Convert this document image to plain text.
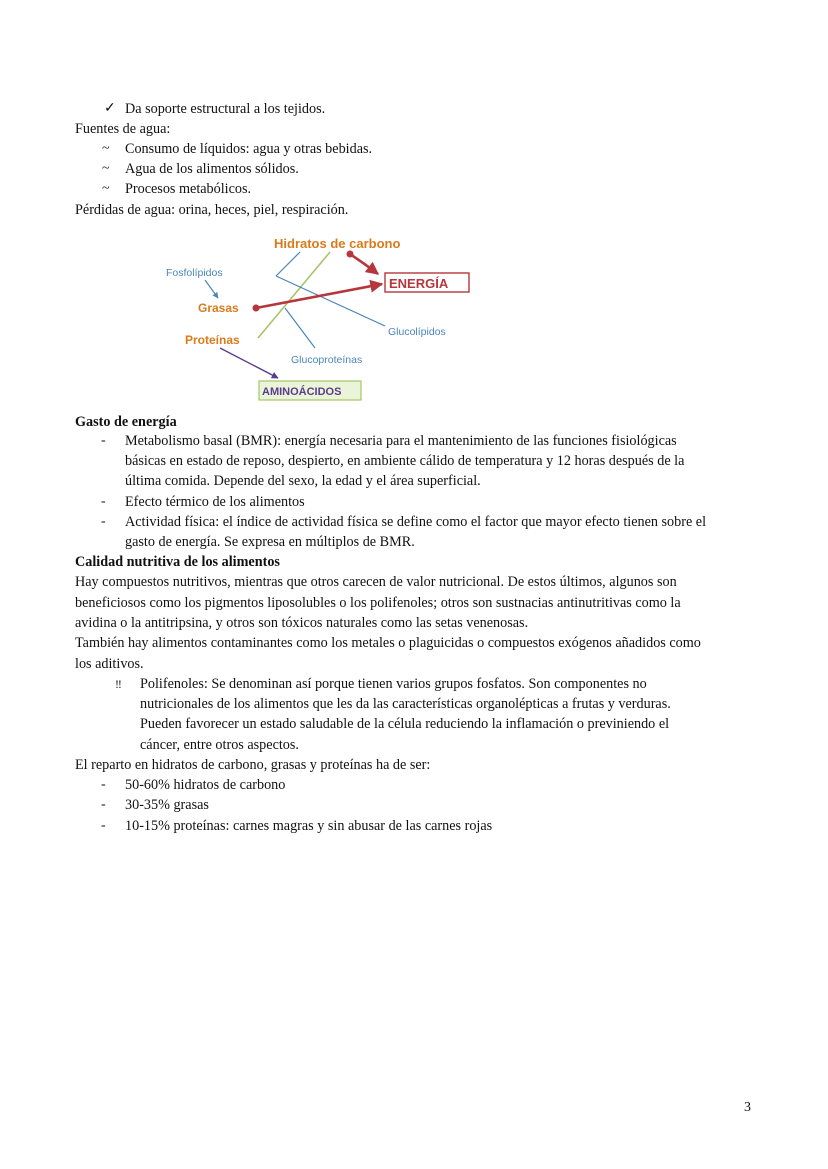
✓ Da soporte estructural a los tejidos.
Fuentes de agua:
~ Consumo de líquidos: agua y otras bebidas.
~ Agua de los alimentos sólidos.
~ Procesos metabólicos.
Pérdidas de agua: orina, heces, piel, respiración.
Hidratos de carbono
Fosfolípidos
Grasas
ENERGÍA
Glucolípidos
Proteínas
Glucoproteínas
AMINOÁCIDOS
Gasto de energía
- Metabolismo basal (BMR): energía necesaria para el mantenimiento de las funciones fisiológicas
básicas en estado de reposo, despierto, en ambiente cálido de temperatura y 12 horas después de la
última comida. Depende del sexo, la edad y el área superficial.
- Efecto térmico de los alimentos
- Actividad física: el índice de actividad física se define como el factor que mayor efecto tienen sobre el
gasto de energía. Se expresa en múltiplos de BMR.
Calidad nutritiva de los alimentos
Hay compuestos nutritivos, mientras que otros carecen de valor nutricional. De estos últimos, algunos son
beneficiosos como los pigmentos liposolubles o los polifenoles; otros son sustnacias antinutritivas como la
avidina o la antitripsina, y otros son tóxicos naturales como las setas venenosas.
También hay alimentos contaminantes como los metales o plaguicidas o compuestos exógenos añadidos como
los aditivos.
‼ Polifenoles: Se denominan así porque tienen varios grupos fosfatos. Son componentes no
nutricionales de los alimentos que les da las características organolépticas a frutas y verduras.
Pueden favorecer un estado saludable de la célula reduciendo la inflamación o previniendo el
cáncer, entre otros aspectos.
El reparto en hidratos de carbono, grasas y proteínas ha de ser:
- 50-60% hidratos de carbono
- 30-35% grasas
- 10-15% proteínas: carnes magras y sin abusar de las carnes rojas
3
